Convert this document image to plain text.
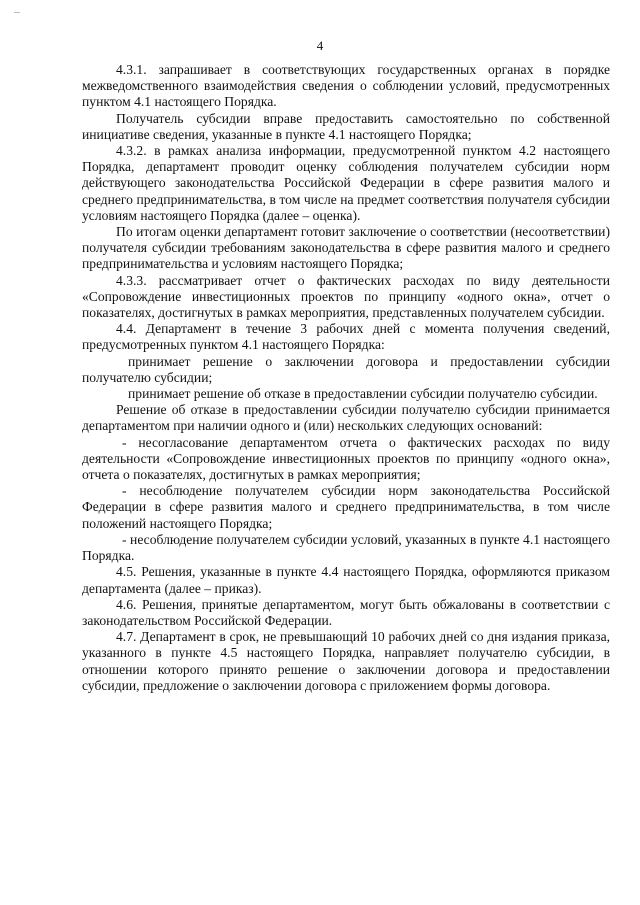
4

4.3.1. запрашивает в соответствующих государственных органах в порядке межведомственного взаимодействия сведения о соблюдении условий, предусмотренных пунктом 4.1 настоящего Порядка.

Получатель субсидии вправе предоставить самостоятельно по собственной инициативе сведения, указанные в пункте 4.1 настоящего Порядка;

4.3.2. в рамках анализа информации, предусмотренной пунктом 4.2 настоящего Порядка, департамент проводит оценку соблюдения получателем субсидии норм действующего законодательства Российской Федерации в сфере развития малого и среднего предпринимательства, в том числе на предмет соответствия получателя субсидии условиям настоящего Порядка (далее – оценка).

По итогам оценки департамент готовит заключение о соответствии (несоответствии) получателя субсидии требованиям законодательства в сфере развития малого и среднего предпринимательства и условиям настоящего Порядка;

4.3.3. рассматривает отчет о фактических расходах по виду деятельности «Сопровождение инвестиционных проектов по принципу «одного окна», отчет о показателях, достигнутых в рамках мероприятия, представленных получателем субсидии.

4.4. Департамент в течение 3 рабочих дней с момента получения сведений, предусмотренных пунктом 4.1 настоящего Порядка:

принимает решение о заключении договора и предоставлении субсидии получателю субсидии;

принимает решение об отказе в предоставлении субсидии получателю субсидии.

Решение об отказе в предоставлении субсидии получателю субсидии принимается департаментом при наличии одного и (или) нескольких следующих оснований:

- несогласование департаментом отчета о фактических расходах по виду деятельности «Сопровождение инвестиционных проектов по принципу «одного окна», отчета о показателях, достигнутых в рамках мероприятия;

- несоблюдение получателем субсидии норм законодательства Российской Федерации в сфере развития малого и среднего предпринимательства, в том числе положений настоящего Порядка;

- несоблюдение получателем субсидии условий, указанных в пункте 4.1 настоящего Порядка.

4.5. Решения, указанные в пункте 4.4 настоящего Порядка, оформляются приказом департамента (далее – приказ).

4.6. Решения, принятые департаментом, могут быть обжалованы в соответствии с законодательством Российской Федерации.

4.7. Департамент в срок, не превышающий 10 рабочих дней со дня издания приказа, указанного в пункте 4.5 настоящего Порядка, направляет получателю субсидии, в отношении которого принято решение о заключении договора и предоставлении субсидии, предложение о заключении договора с приложением формы договора.
